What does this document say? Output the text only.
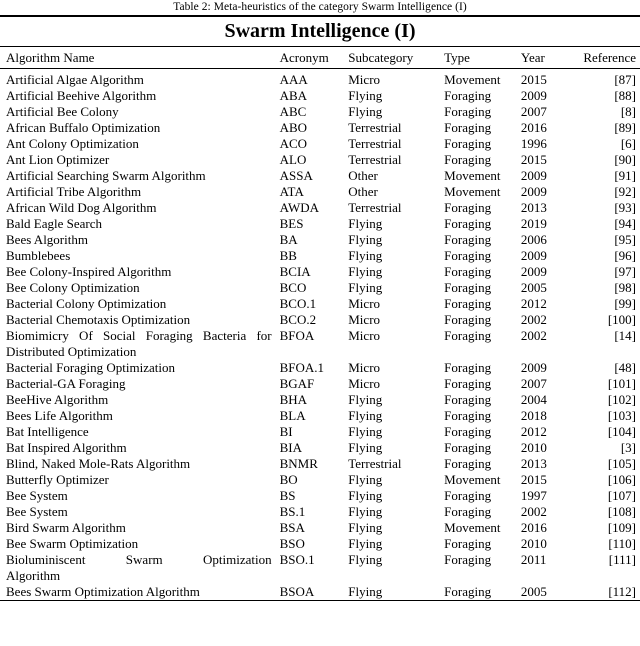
Table 2: Meta-heuristics of the category Swarm Intelligence (I)
Swarm Intelligence (I)
Algorithm Name	Acronym	Subcategory	Type	Year	Reference
Artificial Algae Algorithm	AAA	Micro	Movement	2015	[87]
Artificial Beehive Algorithm	ABA	Flying	Foraging	2009	[88]
Artificial Bee Colony	ABC	Flying	Foraging	2007	[8]
African Buffalo Optimization	ABO	Terrestrial	Foraging	2016	[89]
Ant Colony Optimization	ACO	Terrestrial	Foraging	1996	[6]
Ant Lion Optimizer	ALO	Terrestrial	Foraging	2015	[90]
Artificial Searching Swarm Algorithm	ASSA	Other	Movement	2009	[91]
Artificial Tribe Algorithm	ATA	Other	Movement	2009	[92]
African Wild Dog Algorithm	AWDA	Terrestrial	Foraging	2013	[93]
Bald Eagle Search	BES	Flying	Foraging	2019	[94]
Bees Algorithm	BA	Flying	Foraging	2006	[95]
Bumblebees	BB	Flying	Foraging	2009	[96]
Bee Colony-Inspired Algorithm	BCIA	Flying	Foraging	2009	[97]
Bee Colony Optimization	BCO	Flying	Foraging	2005	[98]
Bacterial Colony Optimization	BCO.1	Micro	Foraging	2012	[99]
Bacterial Chemotaxis Optimization	BCO.2	Micro	Foraging	2002	[100]

Biomimicry Of Social Foraging Bacteria for
Distributed Optimization	BFOA	Micro	Foraging	2002	[14]
Bacterial Foraging Optimization	BFOA.1	Micro	Foraging	2009	[48]
Bacterial-GA Foraging	BGAF	Micro	Foraging	2007	[101]
BeeHive Algorithm	BHA	Flying	Foraging	2004	[102]
Bees Life Algorithm	BLA	Flying	Foraging	2018	[103]
Bat Intelligence	BI	Flying	Foraging	2012	[104]
Bat Inspired Algorithm	BIA	Flying	Foraging	2010	[3]
Blind, Naked Mole-Rats Algorithm	BNMR	Terrestrial	Foraging	2013	[105]
Butterfly Optimizer	BO	Flying	Movement	2015	[106]
Bee System	BS	Flying	Foraging	1997	[107]
Bee System	BS.1	Flying	Foraging	2002	[108]
Bird Swarm Algorithm	BSA	Flying	Movement	2016	[109]
Bee Swarm Optimization	BSO	Flying	Foraging	2010	[110]

Bioluminiscent Swarm Optimization
Algorithm	BSO.1	Flying	Foraging	2011	[111]
Bees Swarm Optimization Algorithm	BSOA	Flying	Foraging	2005	[112]
